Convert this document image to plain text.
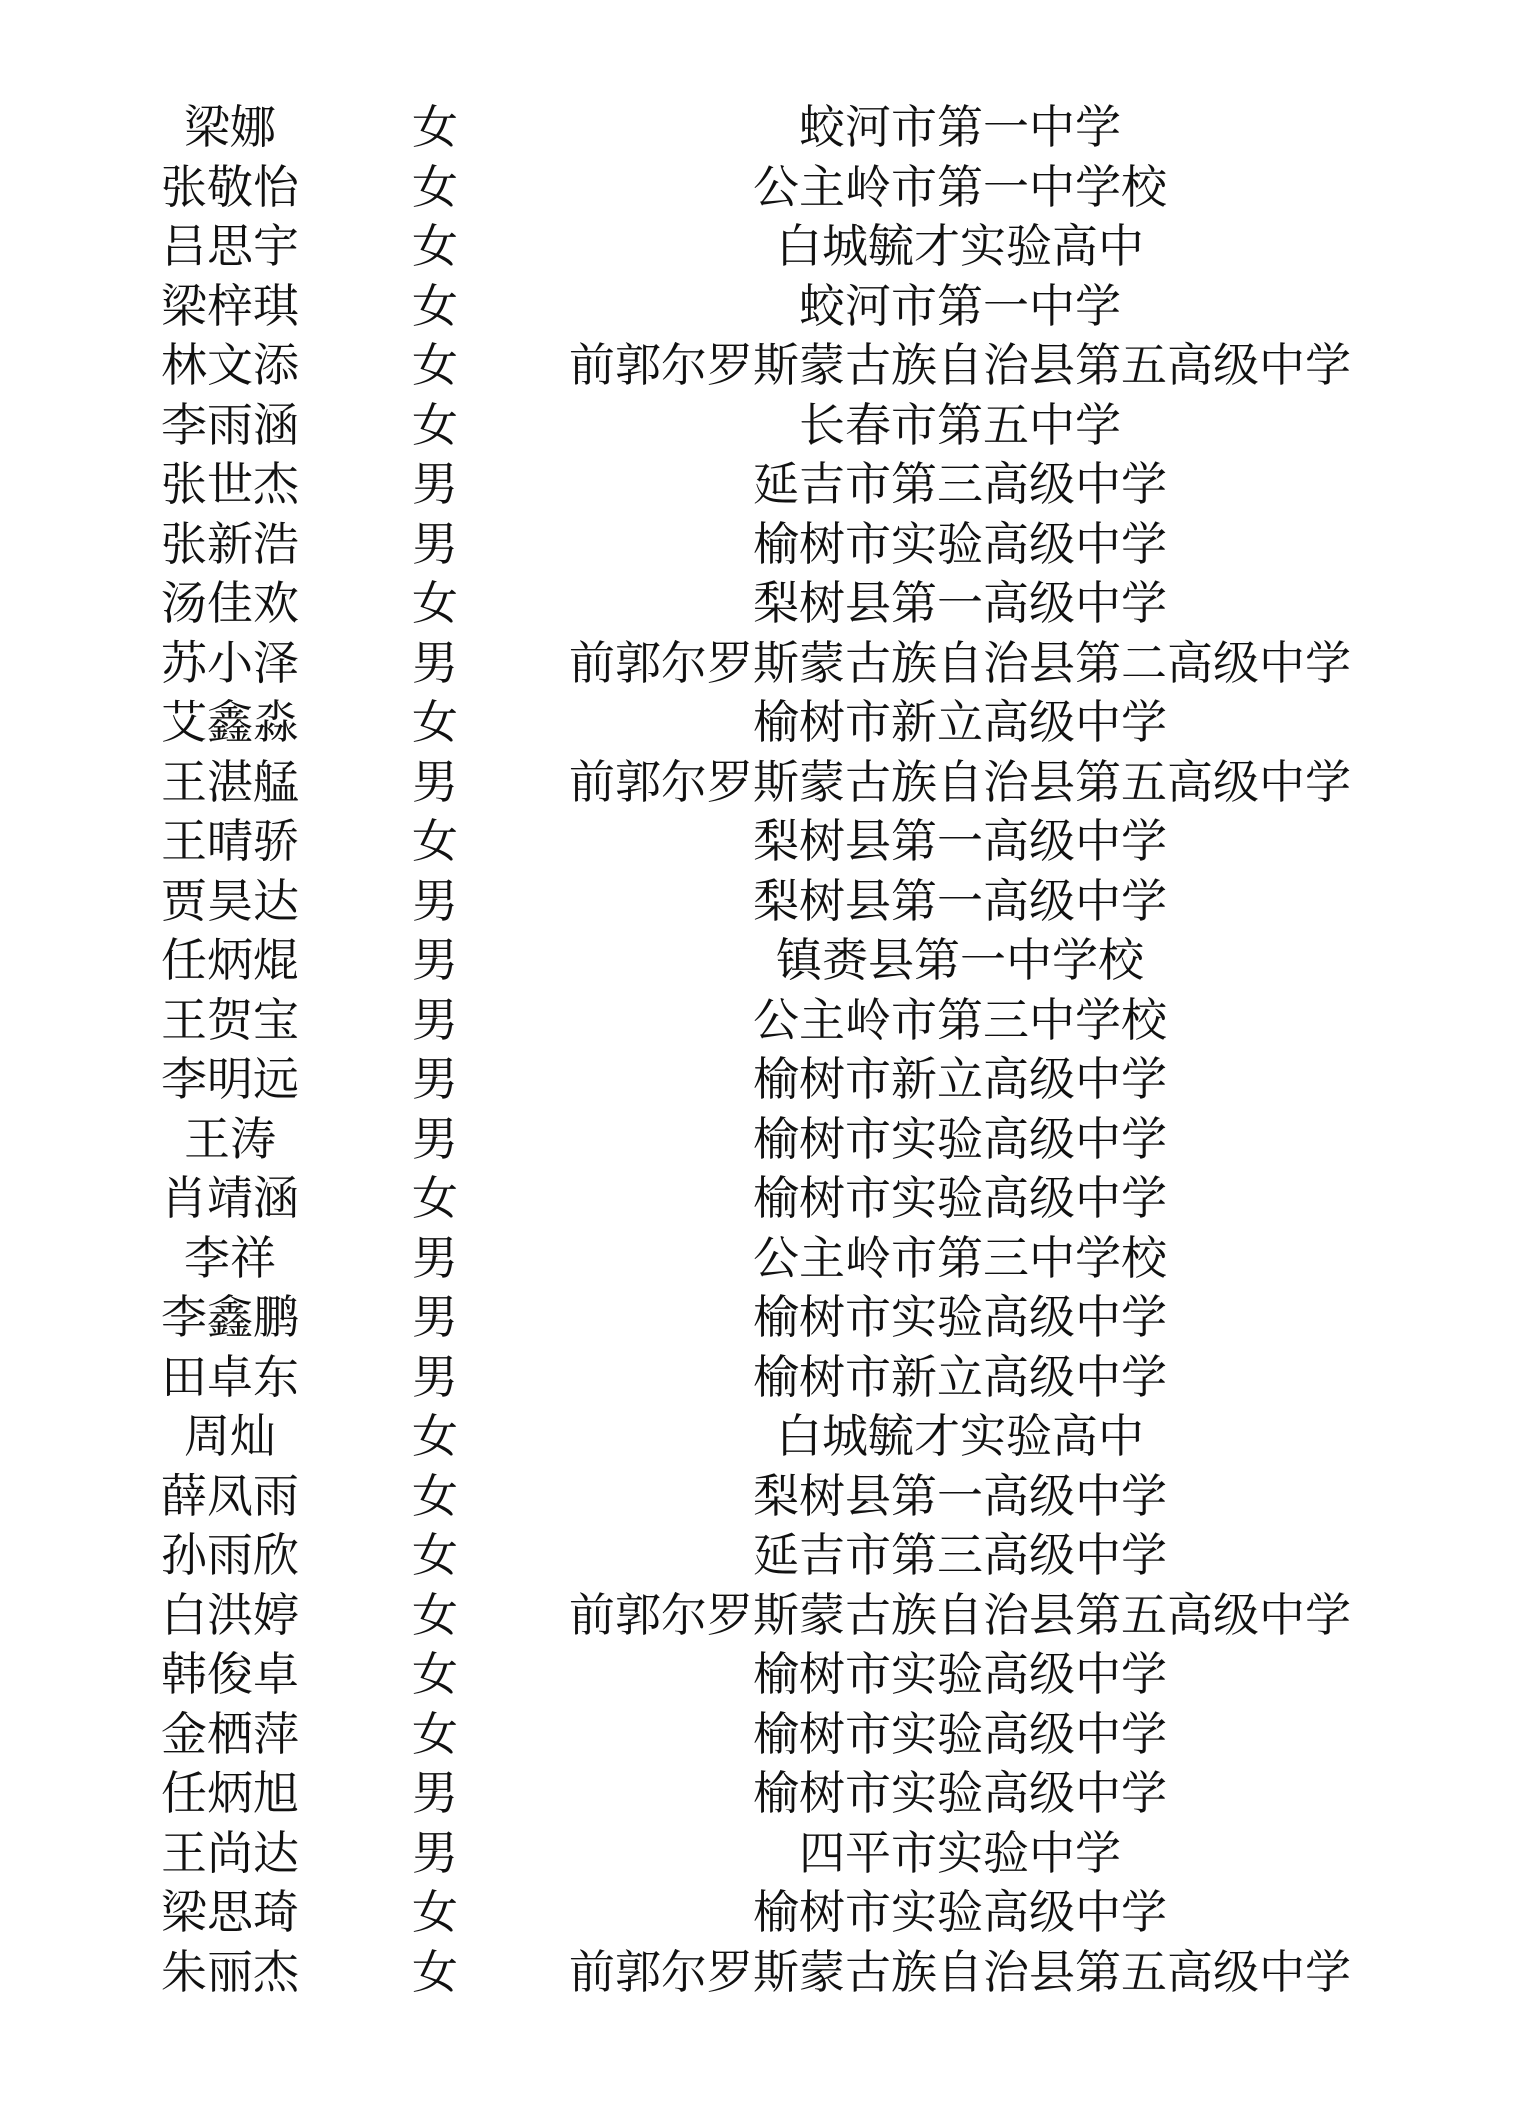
梁娜	女	蛟河市第一中学
张敬怡	女	公主岭市第一中学校
吕思宇	女	白城毓才实验高中
梁梓琪	女	蛟河市第一中学
林文添	女	前郭尔罗斯蒙古族自治县第五高级中学
李雨涵	女	长春市第五中学
张世杰	男	延吉市第三高级中学
张新浩	男	榆树市实验高级中学
汤佳欢	女	梨树县第一高级中学
苏小泽	男	前郭尔罗斯蒙古族自治县第二高级中学
艾鑫淼	女	榆树市新立高级中学
王湛艋	男	前郭尔罗斯蒙古族自治县第五高级中学
王晴骄	女	梨树县第一高级中学
贾昊达	男	梨树县第一高级中学
任炳焜	男	镇赉县第一中学校
王贺宝	男	公主岭市第三中学校
李明远	男	榆树市新立高级中学
王涛	男	榆树市实验高级中学
肖靖涵	女	榆树市实验高级中学
李祥	男	公主岭市第三中学校
李鑫鹏	男	榆树市实验高级中学
田卓东	男	榆树市新立高级中学
周灿	女	白城毓才实验高中
薛凤雨	女	梨树县第一高级中学
孙雨欣	女	延吉市第三高级中学
白洪婷	女	前郭尔罗斯蒙古族自治县第五高级中学
韩俊卓	女	榆树市实验高级中学
金栖萍	女	榆树市实验高级中学
任炳旭	男	榆树市实验高级中学
王尚达	男	四平市实验中学
梁思琦	女	榆树市实验高级中学
朱丽杰	女	前郭尔罗斯蒙古族自治县第五高级中学
